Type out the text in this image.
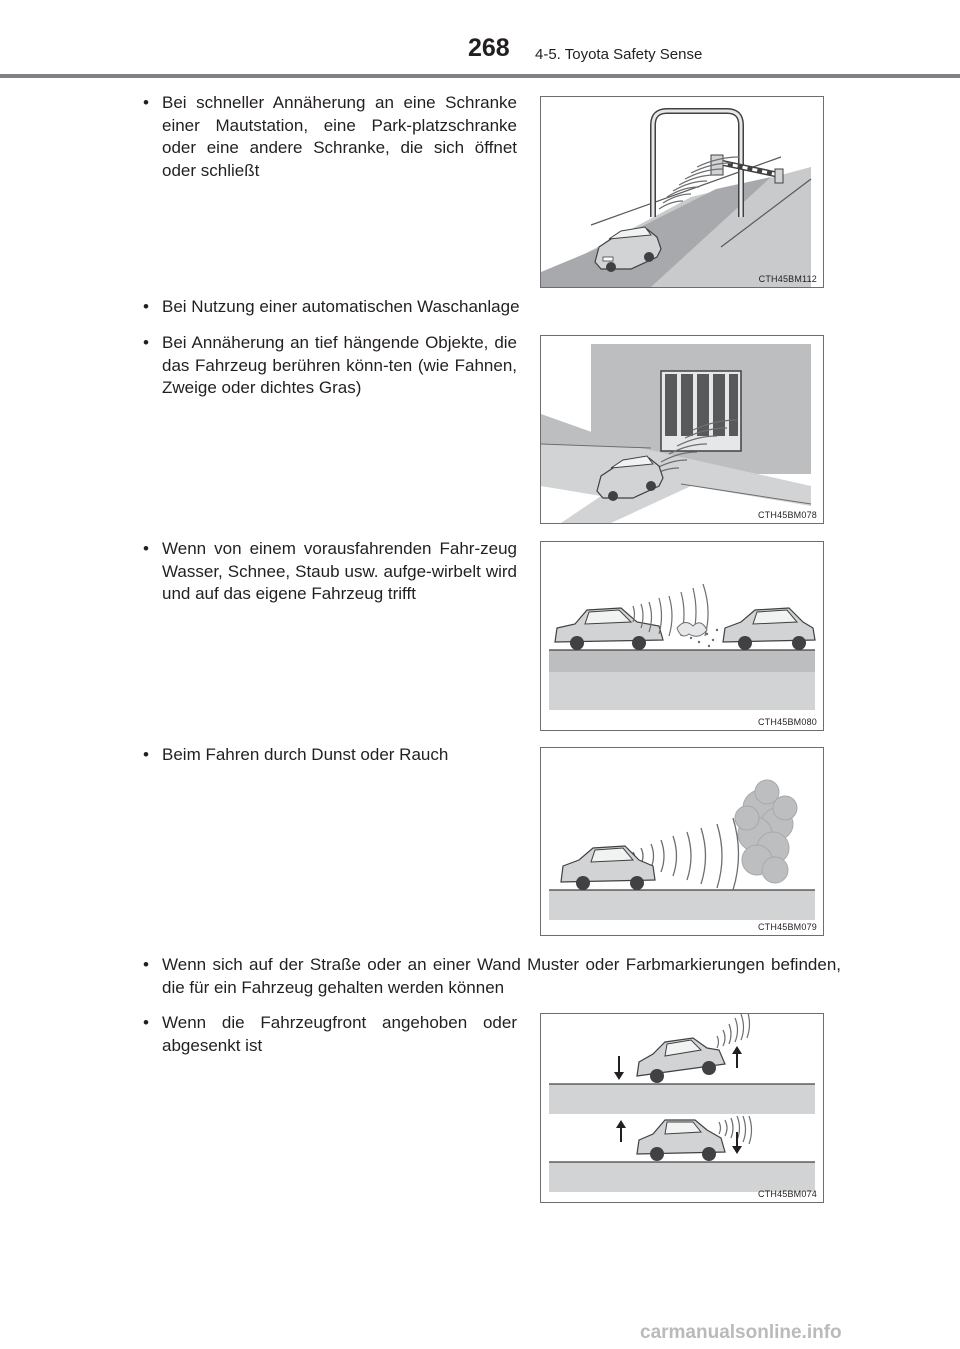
268 4-5. Toyota Safety Sense
• Bei schneller Annäherung an eine Schranke einer Mautstation, eine Park-platzschranke oder eine andere Schranke, die sich öffnet oder schließt
CTH45BM112
• Bei Nutzung einer automatischen Waschanlage
• Bei Annäherung an tief hängende Objekte, die das Fahrzeug berühren könn-ten (wie Fahnen, Zweige oder dichtes Gras)
CTH45BM078
• Wenn von einem vorausfahrenden Fahr-zeug Wasser, Schnee, Staub usw. aufge-wirbelt wird und auf das eigene Fahrzeug trifft
CTH45BM080
• Beim Fahren durch Dunst oder Rauch
CTH45BM079
• Wenn sich auf der Straße oder an einer Wand Muster oder Farbmarkierungen befinden, die für ein Fahrzeug gehalten werden können
• Wenn die Fahrzeugfront angehoben oder abgesenkt ist
CTH45BM074
carmanualsonline.info
